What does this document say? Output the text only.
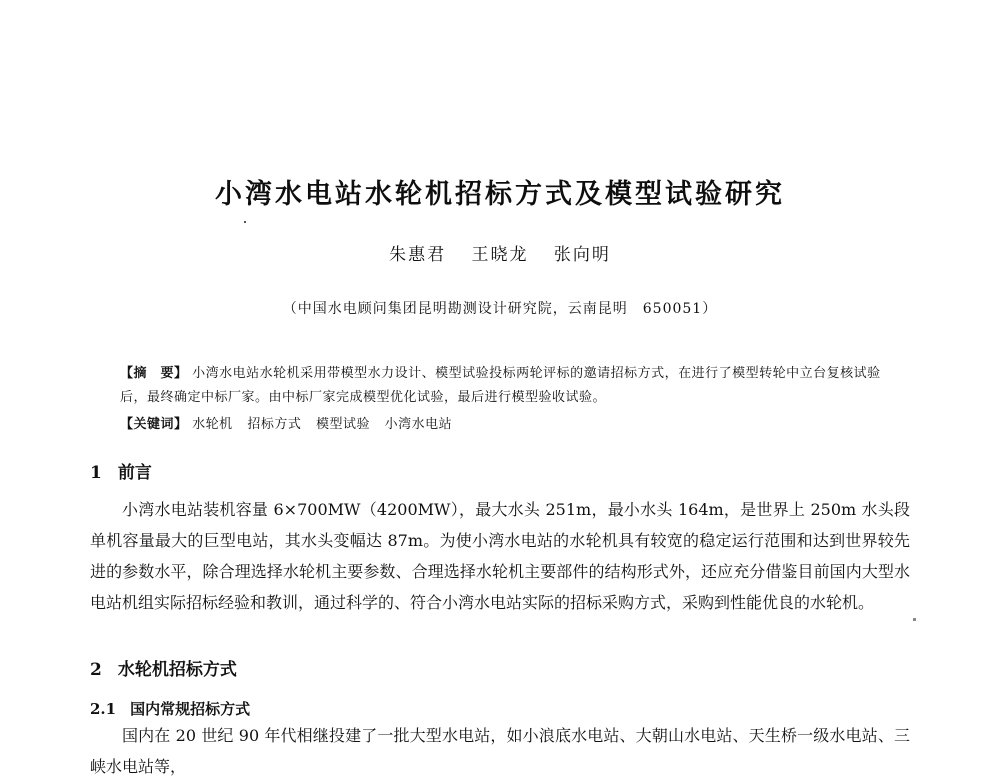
小湾水电站水轮机招标方式及模型试验研究
朱惠君 王晓龙 张向明
（中国水电顾问集团昆明勘测设计研究院，云南昆明　650051）
【摘　要】 小湾水电站水轮机采用带模型水力设计、模型试验投标两轮评标的邀请招标方式，在进行了模型转轮中立台复核试验后，最终确定中标厂家。由中标厂家完成模型优化试验，最后进行模型验收试验。
【关键词】 水轮机 招标方式 模型试验 小湾水电站
1 前言
小湾水电站装机容量 6×700MW（4200MW），最大水头 251m，最小水头 164m，是世界上 250m 水头段单机容量最大的巨型电站，其水头变幅达 87m。为使小湾水电站的水轮机具有较宽的稳定运行范围和达到世界较先进的参数水平，除合理选择水轮机主要参数、合理选择水轮机主要部件的结构形式外，还应充分借鉴目前国内大型水电站机组实际招标经验和教训，通过科学的、符合小湾水电站实际的招标采购方式，采购到性能优良的水轮机。
2 水轮机招标方式
2.1 国内常规招标方式
国内在 20 世纪 90 年代相继投建了一批大型水电站，如小浪底水电站、大朝山水电站、天生桥一级水电站、三峡水电站等，
